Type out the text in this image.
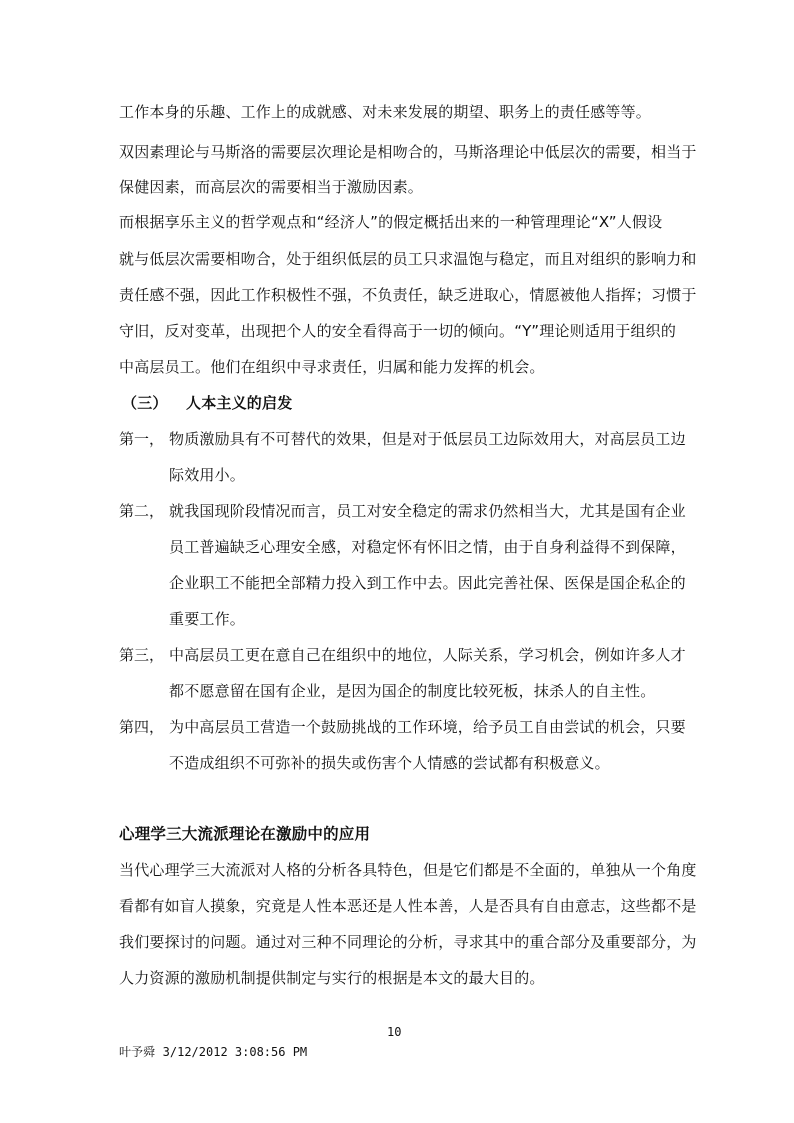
工作本身的乐趣、工作上的成就感、对未来发展的期望、职务上的责任感等等。
双因素理论与马斯洛的需要层次理论是相吻合的，马斯洛理论中低层次的需要，相当于
保健因素，而高层次的需要相当于激励因素。
而根据享乐主义的哲学观点和“经济人”的假定概括出来的一种管理理论“X”人假设
就与低层次需要相吻合，处于组织低层的员工只求温饱与稳定，而且对组织的影响力和
责任感不强，因此工作积极性不强，不负责任，缺乏进取心，情愿被他人指挥；习惯于
守旧，反对变革，出现把个人的安全看得高于一切的倾向。“Y”理论则适用于组织的
中高层员工。他们在组织中寻求责任，归属和能力发挥的机会。
（三） 人本主义的启发
第一， 物质激励具有不可替代的效果，但是对于低层员工边际效用大，对高层员工边
际效用小。
第二， 就我国现阶段情况而言，员工对安全稳定的需求仍然相当大，尤其是国有企业
员工普遍缺乏心理安全感，对稳定怀有怀旧之情，由于自身利益得不到保障，
企业职工不能把全部精力投入到工作中去。因此完善社保、医保是国企私企的
重要工作。
第三， 中高层员工更在意自己在组织中的地位，人际关系，学习机会，例如许多人才
都不愿意留在国有企业，是因为国企的制度比较死板，抹杀人的自主性。
第四， 为中高层员工营造一个鼓励挑战的工作环境，给予员工自由尝试的机会，只要
不造成组织不可弥补的损失或伤害个人情感的尝试都有积极意义。
心理学三大流派理论在激励中的应用
当代心理学三大流派对人格的分析各具特色，但是它们都是不全面的，单独从一个角度
看都有如盲人摸象，究竟是人性本恶还是人性本善，人是否具有自由意志，这些都不是
我们要探讨的问题。通过对三种不同理论的分析，寻求其中的重合部分及重要部分，为
人力资源的激励机制提供制定与实行的根据是本文的最大目的。
10
叶予舜 3/12/2012 3:08:56 PM
